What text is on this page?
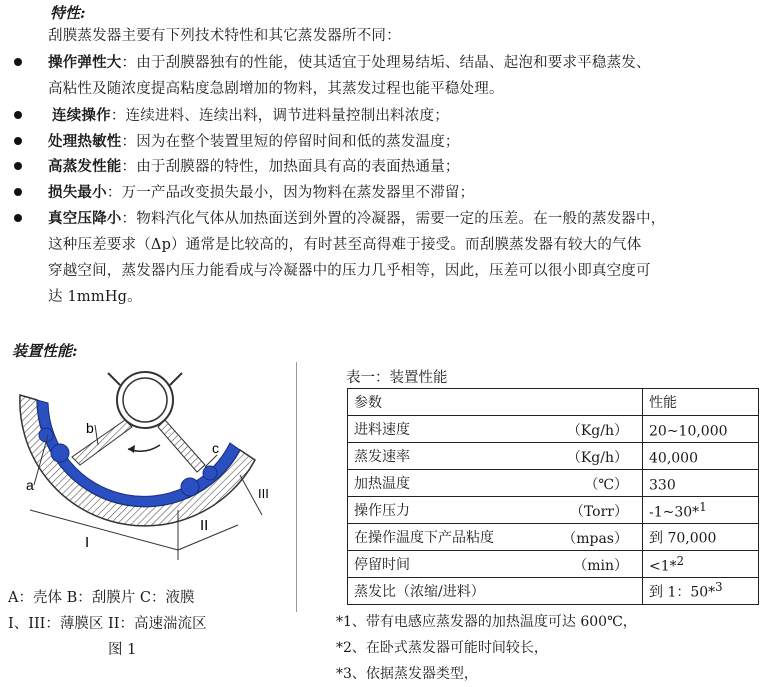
特性:
刮膜蒸发器主要有下列技术特性和其它蒸发器所不同：
操作弹性大：由于刮膜器独有的性能，使其适宜于处理易结垢、结晶、起泡和要求平稳蒸发、
高粘性及随浓度提高粘度急剧增加的物料，其蒸发过程也能平稳处理。
连续操作：连续进料、连续出料，调节进料量控制出料浓度；
处理热敏性：因为在整个装置里短的停留时间和低的蒸发温度；
高蒸发性能：由于刮膜器的特性，加热面具有高的表面热通量；
损失最小：万一产品改变损失最小，因为物料在蒸发器里不滞留；
真空压降小：物料汽化气体从加热面送到外置的冷凝器，需要一定的压差。在一般的蒸发器中，
这种压差要求（Δp）通常是比较高的，有时甚至高得难于接受。而刮膜蒸发器有较大的气体
穿越空间，蒸发器内压力能看成与冷凝器中的压力几乎相等，因此，压差可以很小即真空度可
达 1mmHg。
装置性能:
a
b
c
I
II
III
A：壳体 B：刮膜片 C：液膜
I、III：薄膜区 II：高速湍流区
图 1
表一：装置性能
参数	性能
进料速度 （Kg/h）	20~10,000
蒸发速率 （Kg/h）	40,000
加热温度 （℃）	330
操作压力 （Torr）	-1~30*$^1$
在操作温度下产品粘度 （mpas）	到 70,000
停留时间 （min）	<1*$^2$
蒸发比（浓缩/进料）	到 1：50*$^3$
*1、带有电感应蒸发器的加热温度可达 600℃，
*2、在卧式蒸发器可能时间较长，
*3、依据蒸发器类型，
